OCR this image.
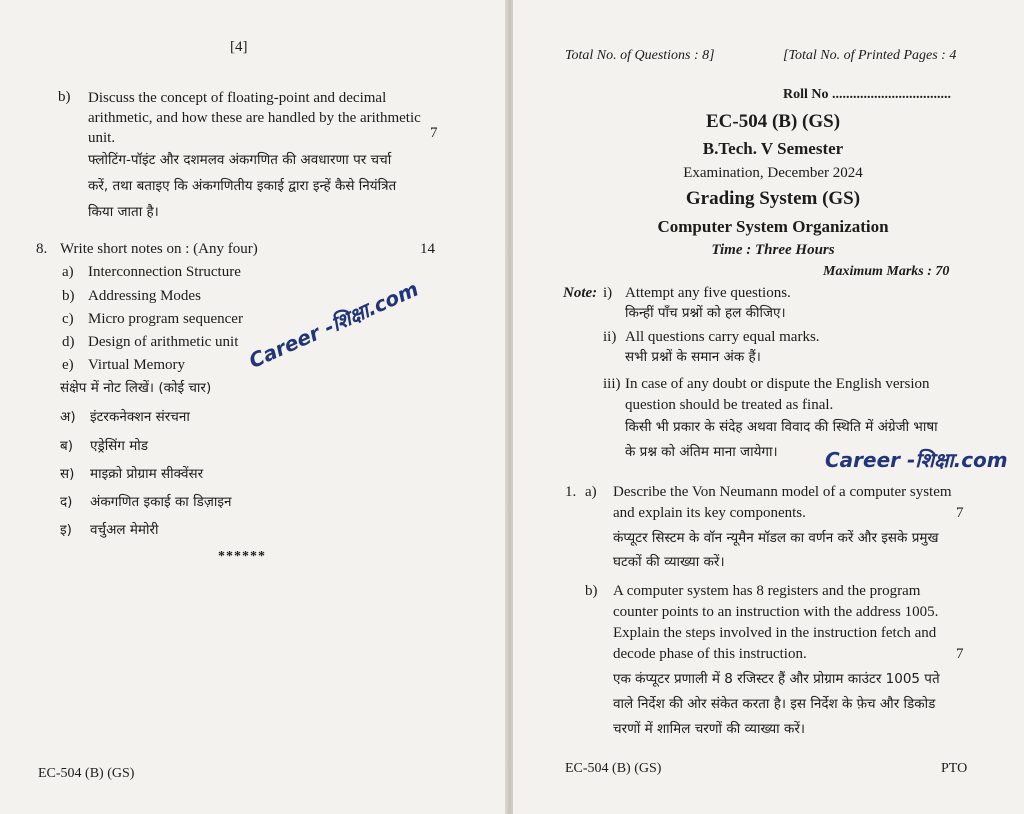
[4]
b) Discuss the concept of floating-point and decimal arithmetic, and how these are handled by the arithmetic unit.	7
फ्लोटिंग-पॉइंट और दशमलव अंकगणित की अवधारणा पर चर्चा
करें, तथा बताइए कि अंकगणितीय इकाई द्वारा इन्हें कैसे नियंत्रित
किया जाता है।
8. Write short notes on : (Any four)	14
a) Interconnection Structure
b) Addressing Modes
c) Micro program sequencer
d) Design of arithmetic unit
e) Virtual Memory
संक्षेप में नोट लिखें। (कोई चार)
अ) इंटरकनेक्शन संरचना
ब) एड्रेसिंग मोड
स) माइक्रो प्रोग्राम सीक्वेंसर
द) अंकगणित इकाई का डिज़ाइन
इ) वर्चुअल मेमोरी
******
EC-504 (B) (GS)
Career -शिक्षा.com
Total No. of Questions : 8]	[Total No. of Printed Pages : 4
Roll No ..................................
EC-504 (B) (GS)
B.Tech. V Semester
Examination, December 2024
Grading System (GS)
Computer System Organization
Time : Three Hours
Maximum Marks : 70
Note: i) Attempt any five questions.
किन्हीं पाँच प्रश्नों को हल कीजिए।
ii) All questions carry equal marks.
सभी प्रश्नों के समान अंक हैं।
iii) In case of any doubt or dispute the English version
question should be treated as final.
किसी भी प्रकार के संदेह अथवा विवाद की स्थिति में अंग्रेजी भाषा
के प्रश्न को अंतिम माना जायेगा। Career -शिक्षा.com
1. a) Describe the Von Neumann model of a computer system
and explain its key components.	7
कंप्यूटर सिस्टम के वॉन न्यूमैन मॉडल का वर्णन करें और इसके प्रमुख
घटकों की व्याख्या करें।
b) A computer system has 8 registers and the program
counter points to an instruction with the address 1005.
Explain the steps involved in the instruction fetch and
decode phase of this instruction.	7
एक कंप्यूटर प्रणाली में 8 रजिस्टर हैं और प्रोग्राम काउंटर 1005 पते
वाले निर्देश की ओर संकेत करता है। इस निर्देश के फ़ेच और डिकोड
चरणों में शामिल चरणों की व्याख्या करें।
EC-504 (B) (GS)	PTO
